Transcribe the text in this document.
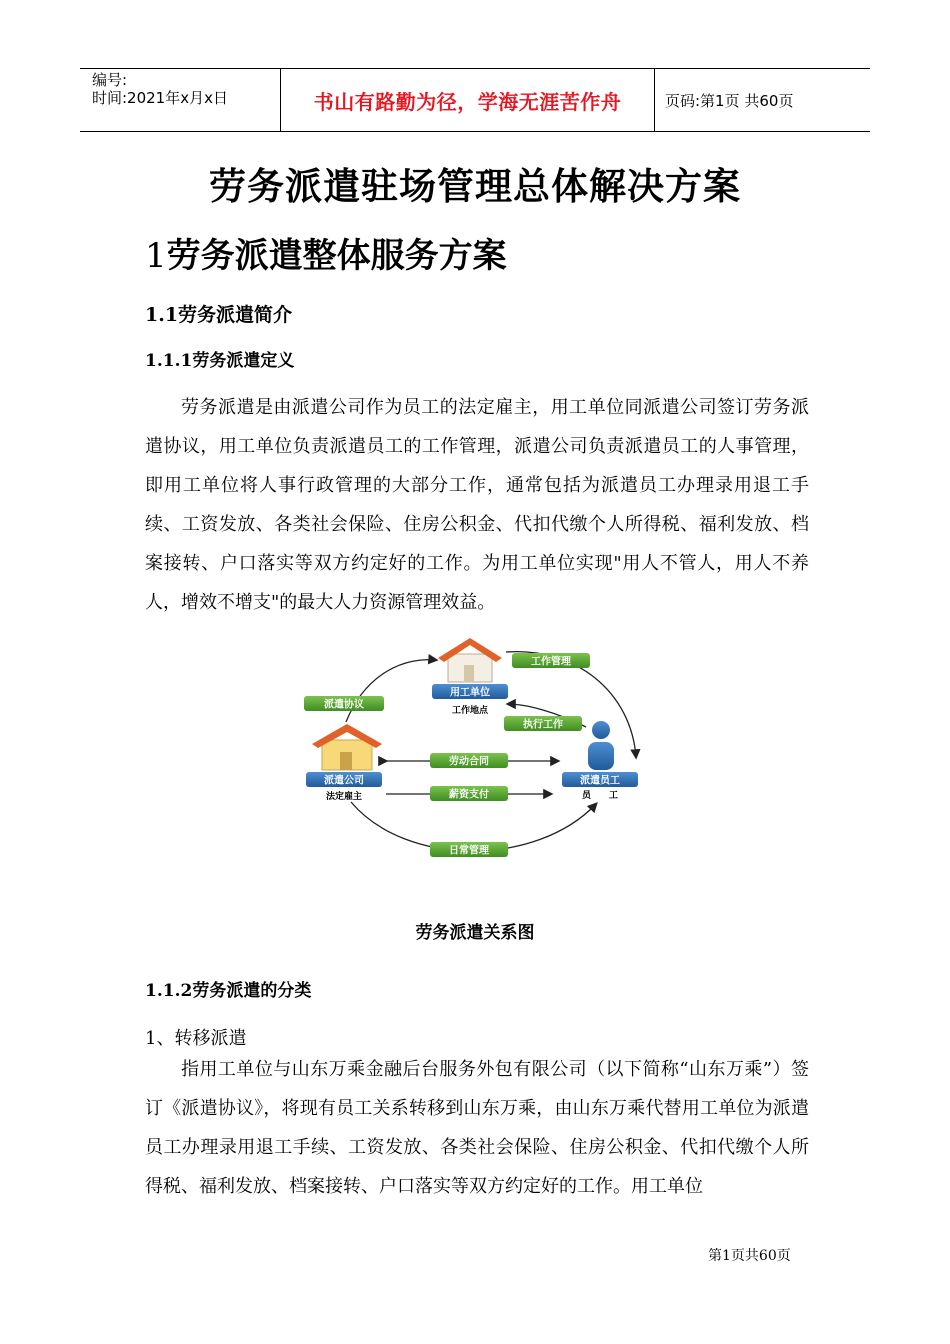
编号:
时间:2021年x月x日	书山有路勤为径，学海无涯苦作舟	页码:第1页 共60页
劳务派遣驻场管理总体解决方案
1劳务派遣整体服务方案
1.1劳务派遣简介
1.1.1劳务派遣定义

劳务派遣是由派遣公司作为员工的法定雇主，用工单位同派遣公司签订劳务派遣协议，用工单位负责派遣员工的工作管理，派遣公司负责派遣员工的人事管理，即用工单位将人事行政管理的大部分工作，通常包括为派遣员工办理录用退工手续、工资发放、各类社会保险、住房公积金、代扣代缴个人所得税、福利发放、档案接转、户口落实等双方约定好的工作。为用工单位实现"用人不管人，用人不养人，增效不增支"的最大人力资源管理效益。

用工单位
工作地点
派遣公司
法定雇主
派遣员工
员　　工
工作管理
派遣协议
执行工作
劳动合同
薪资支付
日常管理
劳务派遣关系图
1.1.2劳务派遣的分类
1、转移派遣

指用工单位与山东万乘金融后台服务外包有限公司（以下简称“山东万乘”）签订《派遣协议》，将现有员工关系转移到山东万乘，由山东万乘代替用工单位为派遣员工办理录用退工手续、工资发放、各类社会保险、住房公积金、代扣代缴个人所得税、福利发放、档案接转、户口落实等双方约定好的工作。用工单位

第1页共60页
